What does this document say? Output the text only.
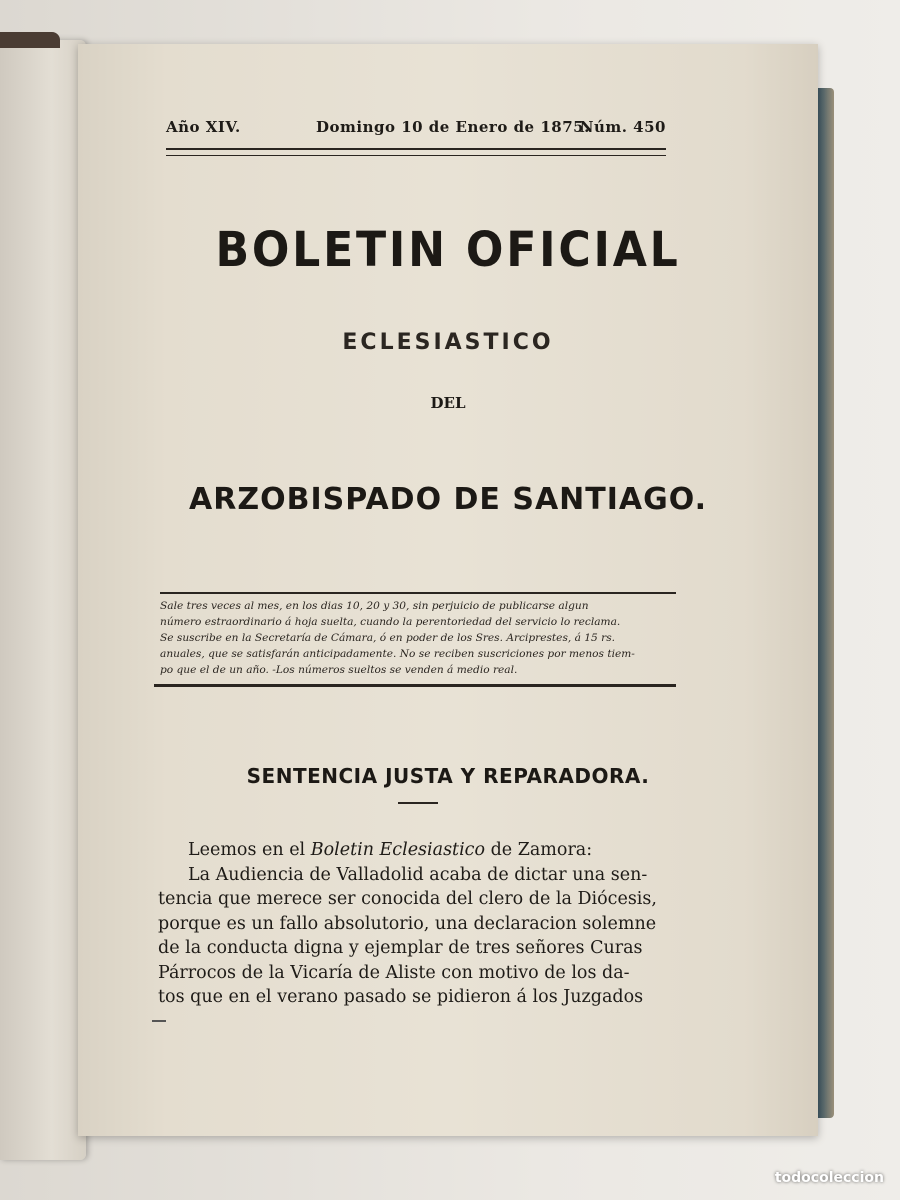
Año XIV.	Domingo 10 de Enero de 1875.
Núm. 450
BOLETIN OFICIAL
ECLESIASTICO
DEL
ARZOBISPADO DE SANTIAGO.
Sale tres veces al mes, en los dias 10, 20 y 30, sin perjuicio de publicarse algun
número estraordinario á hoja suelta, cuando la perentoriedad del servicio lo reclama.
Se suscribe en la Secretaría de Cámara, ó en poder de los Sres. Arciprestes, á 15 rs.
anuales, que se satisfarán anticipadamente. No se reciben suscriciones por menos tiem-
po que el de un año. -Los números sueltos se venden á medio real.
SENTENCIA JUSTA Y REPARADORA.
Leemos en el Boletin Eclesiastico de Zamora:
La Audiencia de Valladolid acaba de dictar una sen-
tencia que merece ser conocida del clero de la Diócesis,
porque es un fallo absolutorio, una declaracion solemne
de la conducta digna y ejemplar de tres señores Curas
Párrocos de la Vicaría de Aliste con motivo de los da-
tos que en el verano pasado se pidieron á los Juzgados
todocoleccion
